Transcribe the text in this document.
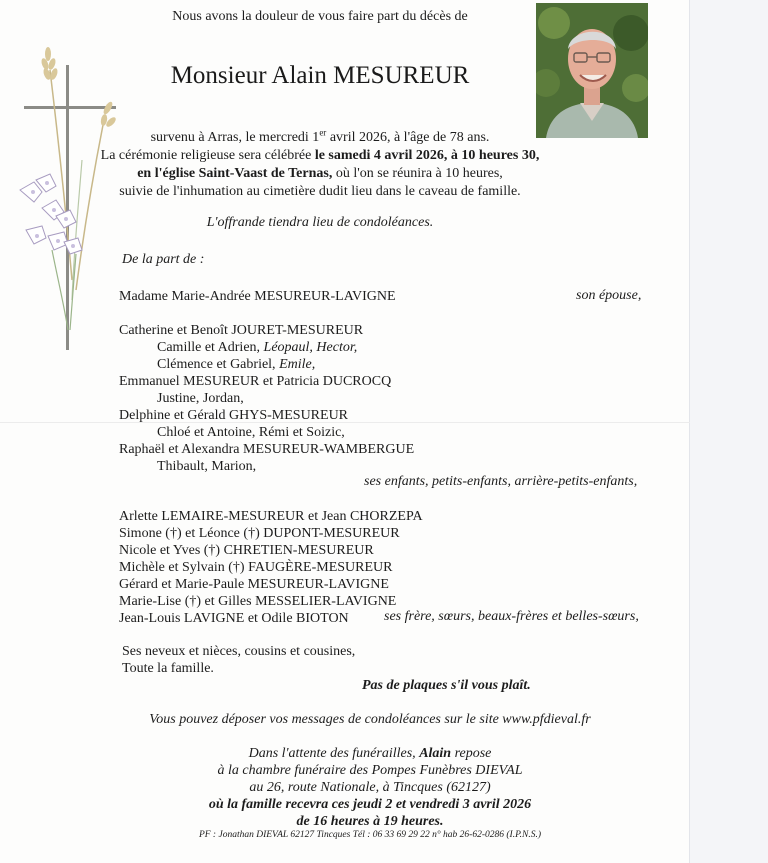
Nous avons la douleur de vous faire part du décès de
Monsieur Alain MESUREUR
survenu à Arras, le mercredi 1er avril 2026, à l'âge de 78 ans.
La cérémonie religieuse sera célébrée le samedi 4 avril 2026, à 10 heures 30,
en l'église Saint-Vaast de Ternas, où l'on se réunira à 10 heures,
suivie de l'inhumation au cimetière dudit lieu dans le caveau de famille.
L'offrande tiendra lieu de condoléances.
De la part de :
Madame Marie-Andrée MESUREUR-LAVIGNE	son épouse,
Catherine et Benoît JOURET-MESUREUR
Camille et Adrien, Léopaul, Hector,
Clémence et Gabriel, Emile,
Emmanuel MESUREUR et Patricia DUCROCQ
Justine, Jordan,
Delphine et Gérald GHYS-MESUREUR
Chloé et Antoine, Rémi et Soizic,
Raphaël et Alexandra MESUREUR-WAMBERGUE
Thibault, Marion,
ses enfants, petits-enfants, arrière-petits-enfants,
Arlette LEMAIRE-MESUREUR et Jean CHORZEPA
Simone (†) et Léonce (†) DUPONT-MESUREUR
Nicole et Yves (†) CHRETIEN-MESUREUR
Michèle et Sylvain (†) FAUGÈRE-MESUREUR
Gérard et Marie-Paule MESUREUR-LAVIGNE
Marie-Lise (†) et Gilles MESSELIER-LAVIGNE
Jean-Louis LAVIGNE et Odile BIOTON	ses frère, sœurs, beaux-frères et belles-sœurs,
Ses neveux et nièces, cousins et cousines,
Toute la famille.
Pas de plaques s'il vous plaît.
Vous pouvez déposer vos messages de condoléances sur le site www.pfdieval.fr
Dans l'attente des funérailles, Alain repose
à la chambre funéraire des Pompes Funèbres DIEVAL
au 26, route Nationale, à Tincques (62127)
où la famille recevra ces jeudi 2 et vendredi 3 avril 2026
de 16 heures à 19 heures.
PF : Jonathan DIEVAL 62127 Tincques Tél : 06 33 69 29 22 n° hab 26-62-0286 (I.P.N.S.)
